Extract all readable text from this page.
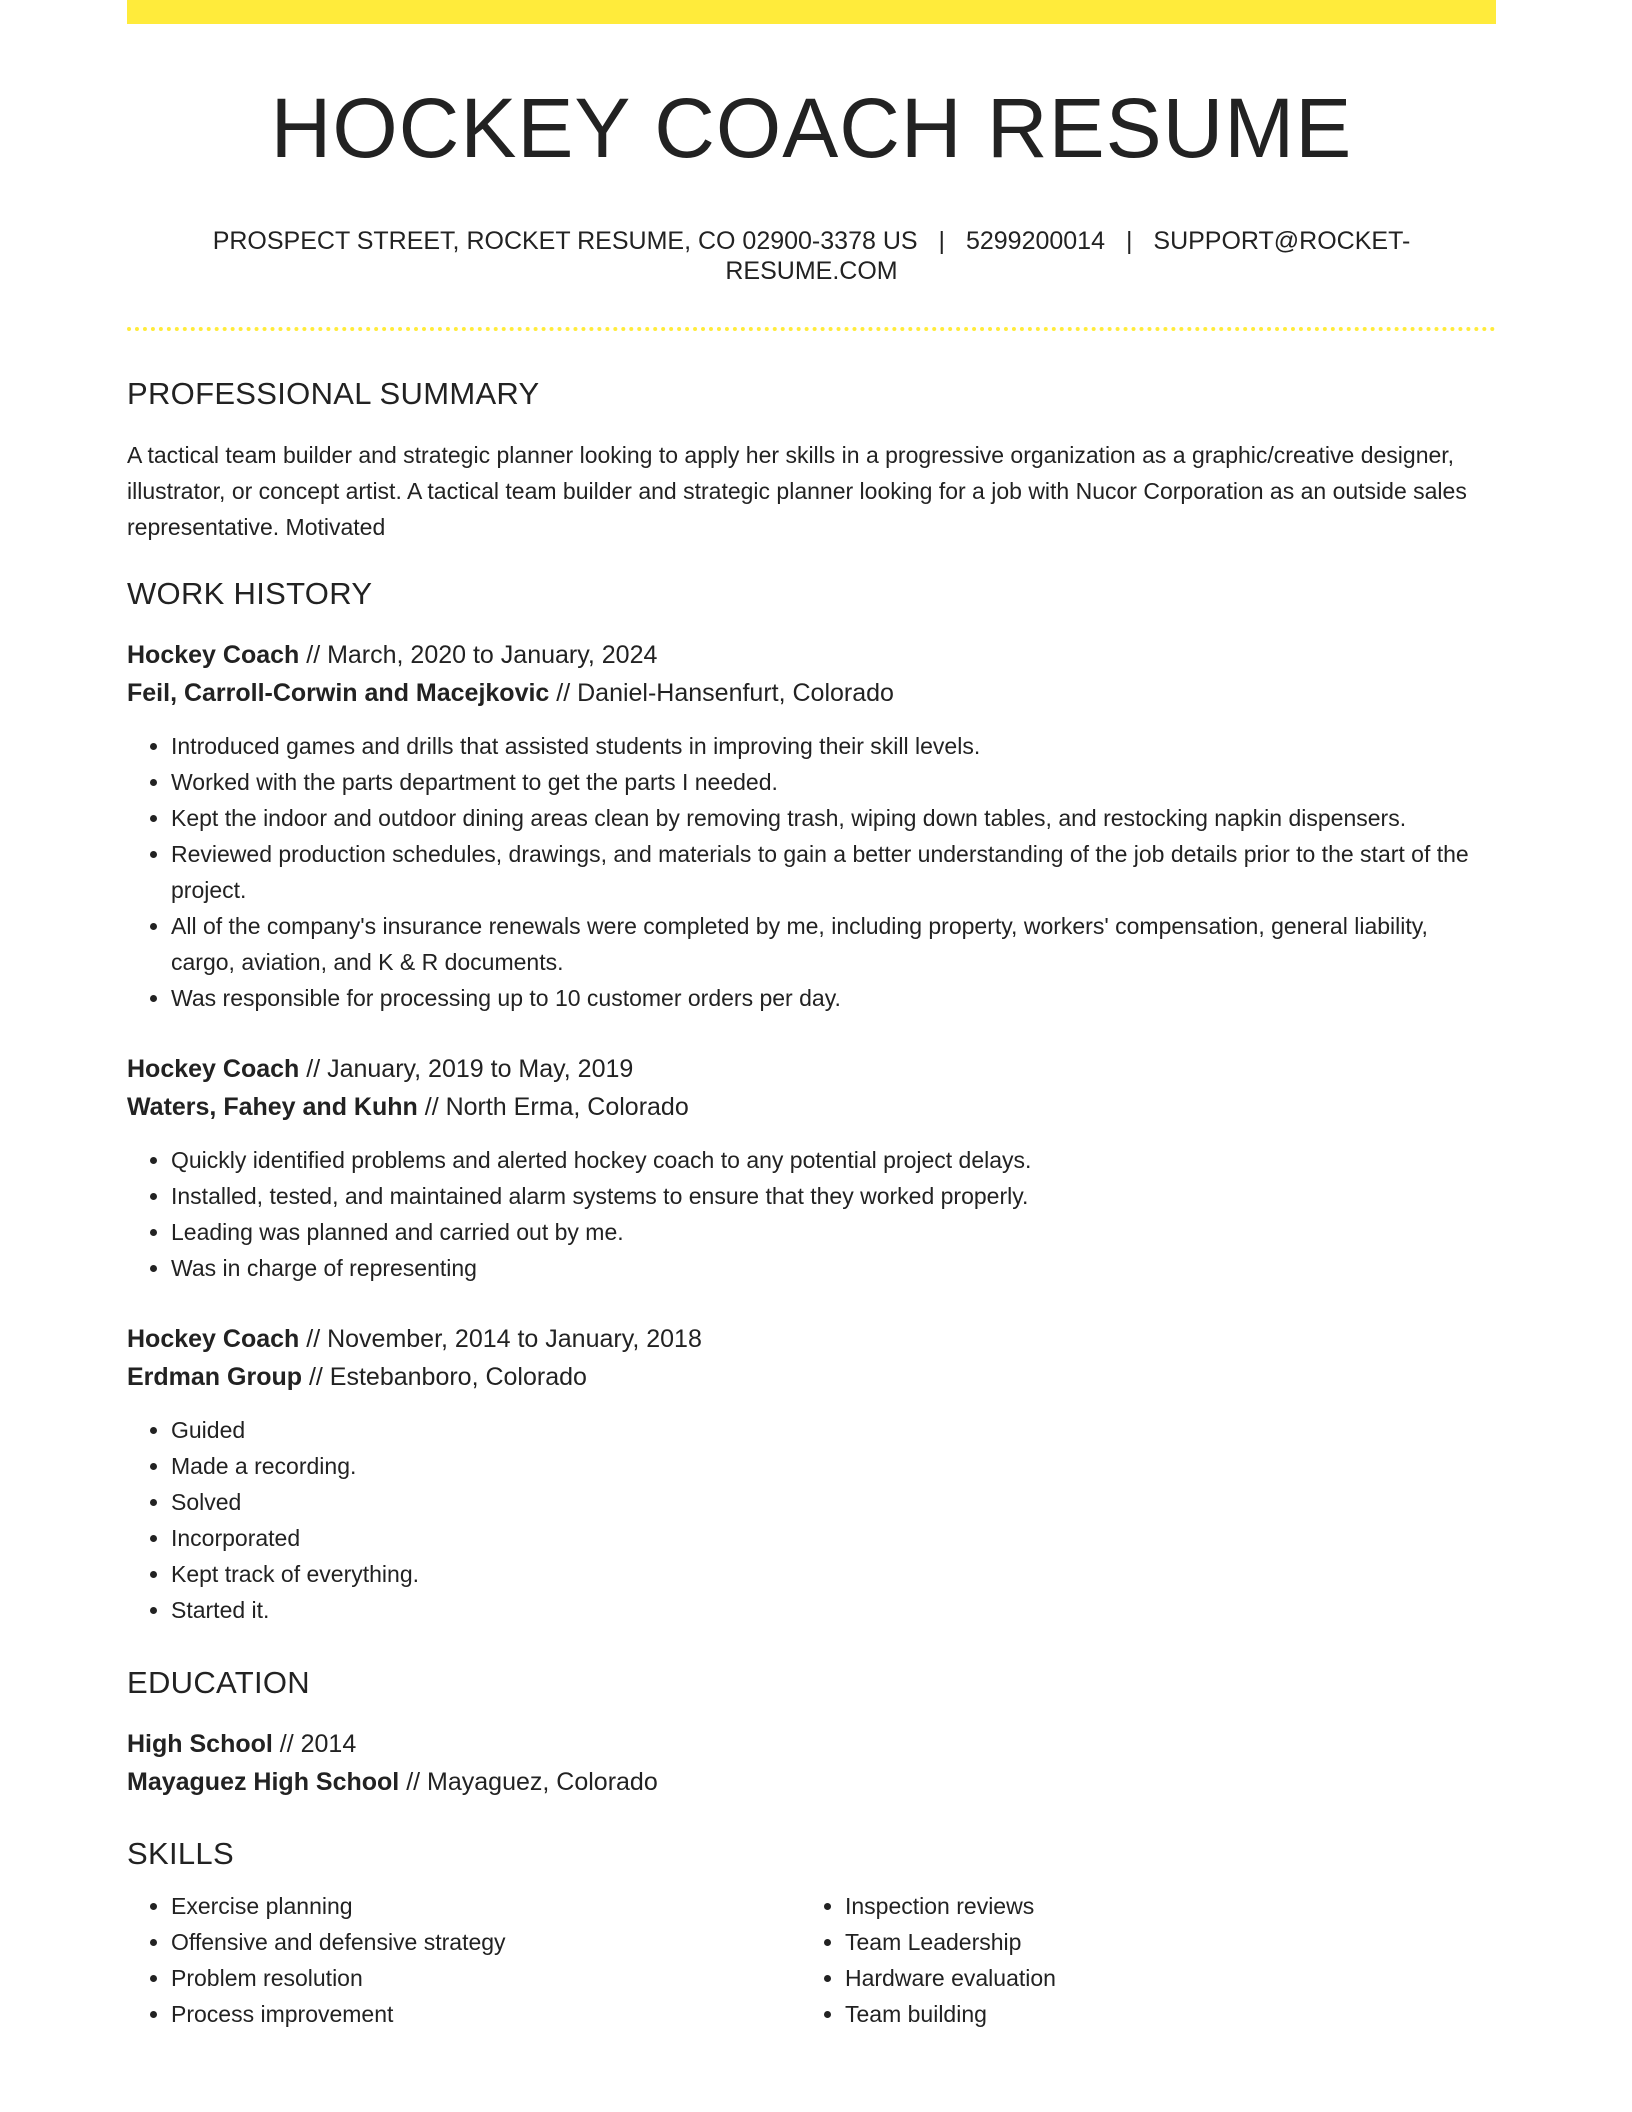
HOCKEY COACH RESUME
PROSPECT STREET, ROCKET RESUME, CO 02900-3378 US | 5299200014 | SUPPORT@ROCKET-RESUME.COM
PROFESSIONAL SUMMARY
A tactical team builder and strategic planner looking to apply her skills in a progressive organization as a graphic/creative designer, illustrator, or concept artist. A tactical team builder and strategic planner looking for a job with Nucor Corporation as an outside sales representative. Motivated
WORK HISTORY
Hockey Coach // March, 2020 to January, 2024
Feil, Carroll-Corwin and Macejkovic // Daniel-Hansenfurt, Colorado
• Introduced games and drills that assisted students in improving their skill levels.
• Worked with the parts department to get the parts I needed.
• Kept the indoor and outdoor dining areas clean by removing trash, wiping down tables, and restocking napkin dispensers.
• Reviewed production schedules, drawings, and materials to gain a better understanding of the job details prior to the start of the project.
• All of the company's insurance renewals were completed by me, including property, workers' compensation, general liability, cargo, aviation, and K & R documents.
• Was responsible for processing up to 10 customer orders per day.
Hockey Coach // January, 2019 to May, 2019
Waters, Fahey and Kuhn // North Erma, Colorado
• Quickly identified problems and alerted hockey coach to any potential project delays.
• Installed, tested, and maintained alarm systems to ensure that they worked properly.
• Leading was planned and carried out by me.
• Was in charge of representing
Hockey Coach // November, 2014 to January, 2018
Erdman Group // Estebanboro, Colorado
• Guided
• Made a recording.
• Solved
• Incorporated
• Kept track of everything.
• Started it.
EDUCATION
High School // 2014
Mayaguez High School // Mayaguez, Colorado
SKILLS
• Exercise planning
• Offensive and defensive strategy
• Problem resolution
• Process improvement
• Inspection reviews
• Team Leadership
• Hardware evaluation
• Team building
